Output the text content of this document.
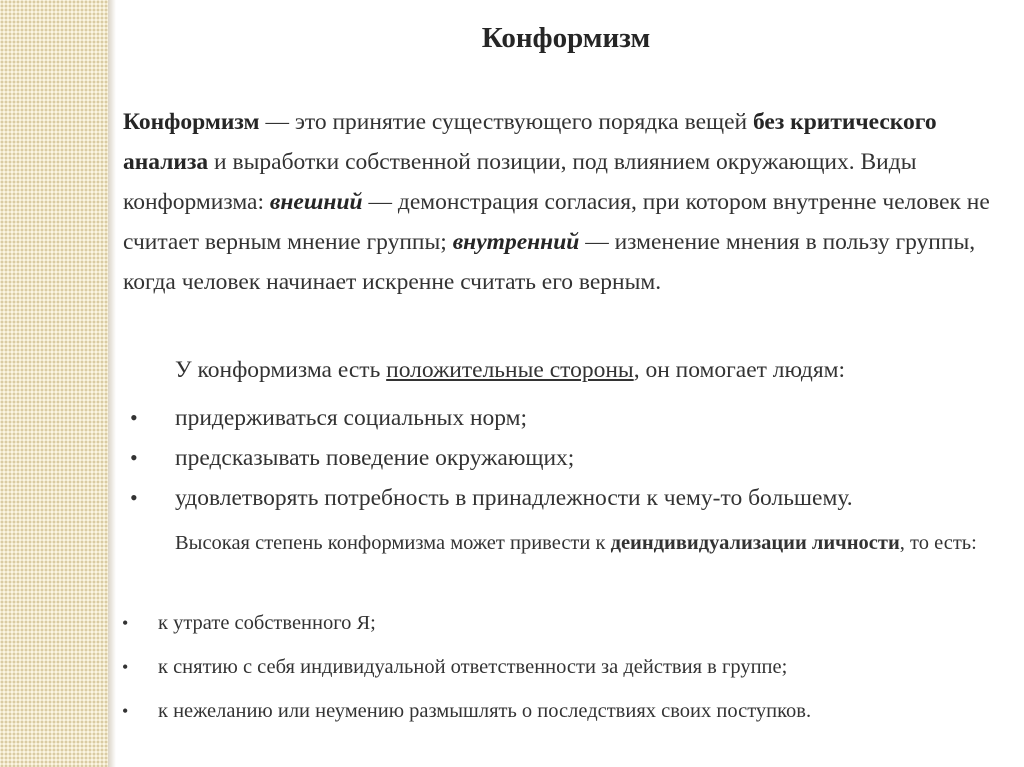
Конформизм

Конформизм — это принятие существующего порядка вещей без критического анализа и выработки собственной позиции, под влиянием окружающих. Виды конформизма: внешний — демонстрация согласия, при котором внутренне человек не считает верным мнение группы; внутренний — изменение мнения в пользу группы, когда человек начинает искренне считать его верным.

У конформизма есть положительные стороны, он помогает людям:

• придерживаться социальных норм;
• предсказывать поведение окружающих;
• удовлетворять потребность в принадлежности к чему-то большему.

Высокая степень конформизма может привести к деиндивидуализации личности, то есть:

• к утрате собственного Я;
• к снятию с себя индивидуальной ответственности за действия в группе;
• к нежеланию или неумению размышлять о последствиях своих поступков.
